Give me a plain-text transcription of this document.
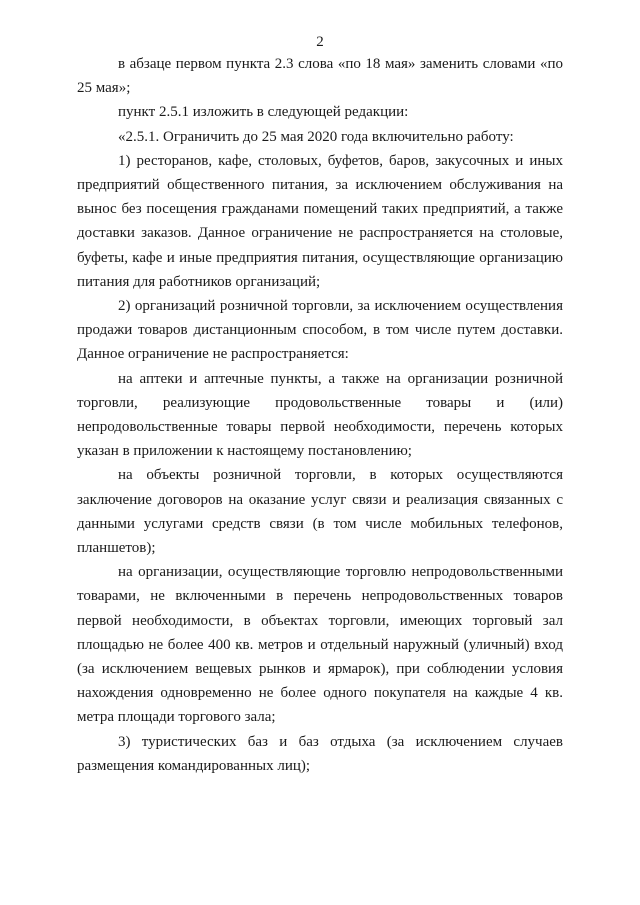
2

в абзаце первом пункта 2.3 слова «по 18 мая» заменить словами «по 25 мая»;

пункт 2.5.1 изложить в следующей редакции:

«2.5.1. Ограничить до 25 мая 2020 года включительно работу:

1) ресторанов, кафе, столовых, буфетов, баров, закусочных и иных предприятий общественного питания, за исключением обслуживания на вынос без посещения гражданами помещений таких предприятий, а также доставки заказов. Данное ограничение не распространяется на столовые, буфеты, кафе и иные предприятия питания, осуществляющие организацию питания для работников организаций;

2) организаций розничной торговли, за исключением осуществления продажи товаров дистанционным способом, в том числе путем доставки. Данное ограничение не распространяется:

на аптеки и аптечные пункты, а также на организации розничной торговли, реализующие продовольственные товары и (или) непродовольственные товары первой необходимости, перечень которых указан в приложении к настоящему постановлению;

на объекты розничной торговли, в которых осуществляются заключение договоров на оказание услуг связи и реализация связанных с данными услугами средств связи (в том числе мобильных телефонов, планшетов);

на организации, осуществляющие торговлю непродовольственными товарами, не включенными в перечень непродовольственных товаров первой необходимости, в объектах торговли, имеющих торговый зал площадью не более 400 кв. метров и отдельный наружный (уличный) вход (за исключением вещевых рынков и ярмарок), при соблюдении условия нахождения одновременно не более одного покупателя на каждые 4 кв. метра площади торгового зала;

3) туристических баз и баз отдыха (за исключением случаев размещения командированных лиц);
